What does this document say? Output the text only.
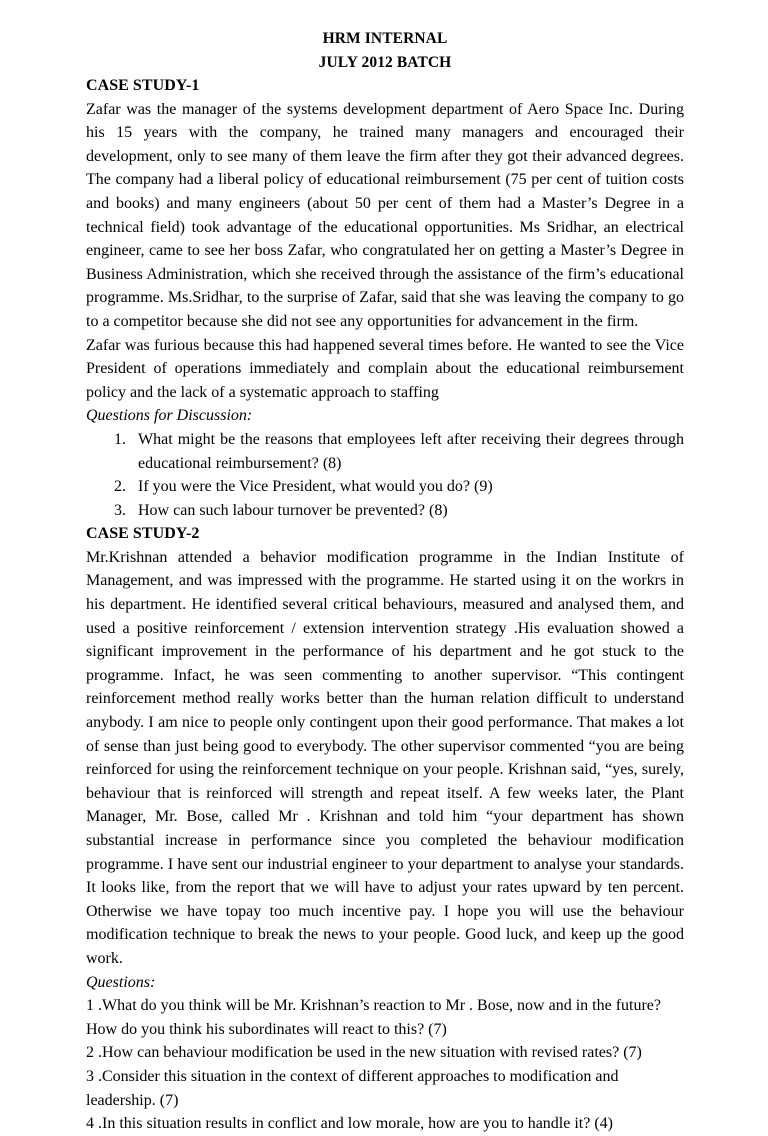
HRM INTERNAL
JULY 2012 BATCH
CASE STUDY-1

Zafar was the manager of the systems development department of Aero Space Inc. During his 15 years with the company, he trained many managers and encouraged their development, only to see many of them leave the firm after they got their advanced degrees. The company had a liberal policy of educational reimbursement (75 per cent of tuition costs and books) and many engineers (about 50 per cent of them had a Master’s Degree in a technical field) took advantage of the educational opportunities. Ms Sridhar, an electrical engineer, came to see her boss Zafar, who congratulated her on getting a Master’s Degree in Business Administration, which she received through the assistance of the firm’s educational programme. Ms.Sridhar, to the surprise of Zafar, said that she was leaving the company to go to a competitor because she did not see any opportunities for advancement in the firm.

Zafar was furious because this had happened several times before. He wanted to see the Vice President of operations immediately and complain about the educational reimbursement policy and the lack of a systematic approach to staffing

Questions for Discussion:
1. What might be the reasons that employees left after receiving their degrees through educational reimbursement? (8)
2. If you were the Vice President, what would you do? (9)
3. How can such labour turnover be prevented? (8)
CASE STUDY-2

Mr.Krishnan attended a behavior modification programme in the Indian Institute of Management, and was impressed with the programme. He started using it on the workrs in his department. He identified several critical behaviours, measured and analysed them, and used a positive reinforcement / extension intervention strategy .His evaluation showed a significant improvement in the performance of his department and he got stuck to the programme. Infact, he was seen commenting to another supervisor. “This contingent reinforcement method really works better than the human relation difficult to understand anybody. I am nice to people only contingent upon their good performance. That makes a lot of sense than just being good to everybody. The other supervisor commented “you are being reinforced for using the reinforcement technique on your people. Krishnan said, “yes, surely, behaviour that is reinforced will strength and repeat itself. A few weeks later, the Plant Manager, Mr. Bose, called Mr . Krishnan and told him “your department has shown substantial increase in performance since you completed the behaviour modification programme. I have sent our industrial engineer to your department to analyse your standards. It looks like, from the report that we will have to adjust your rates upward by ten percent. Otherwise we have topay too much incentive pay. I hope you will use the behaviour modification technique to break the news to your people. Good luck, and keep up the good work.

Questions:
1 .What do you think will be Mr. Krishnan’s reaction to Mr . Bose, now and in the future? How do you think his subordinates will react to this? (7)
2 .How can behaviour modification be used in the new situation with revised rates? (7)
3 .Consider this situation in the context of different approaches to modification and leadership. (7)
4 .In this situation results in conflict and low morale, how are you to handle it? (4)
